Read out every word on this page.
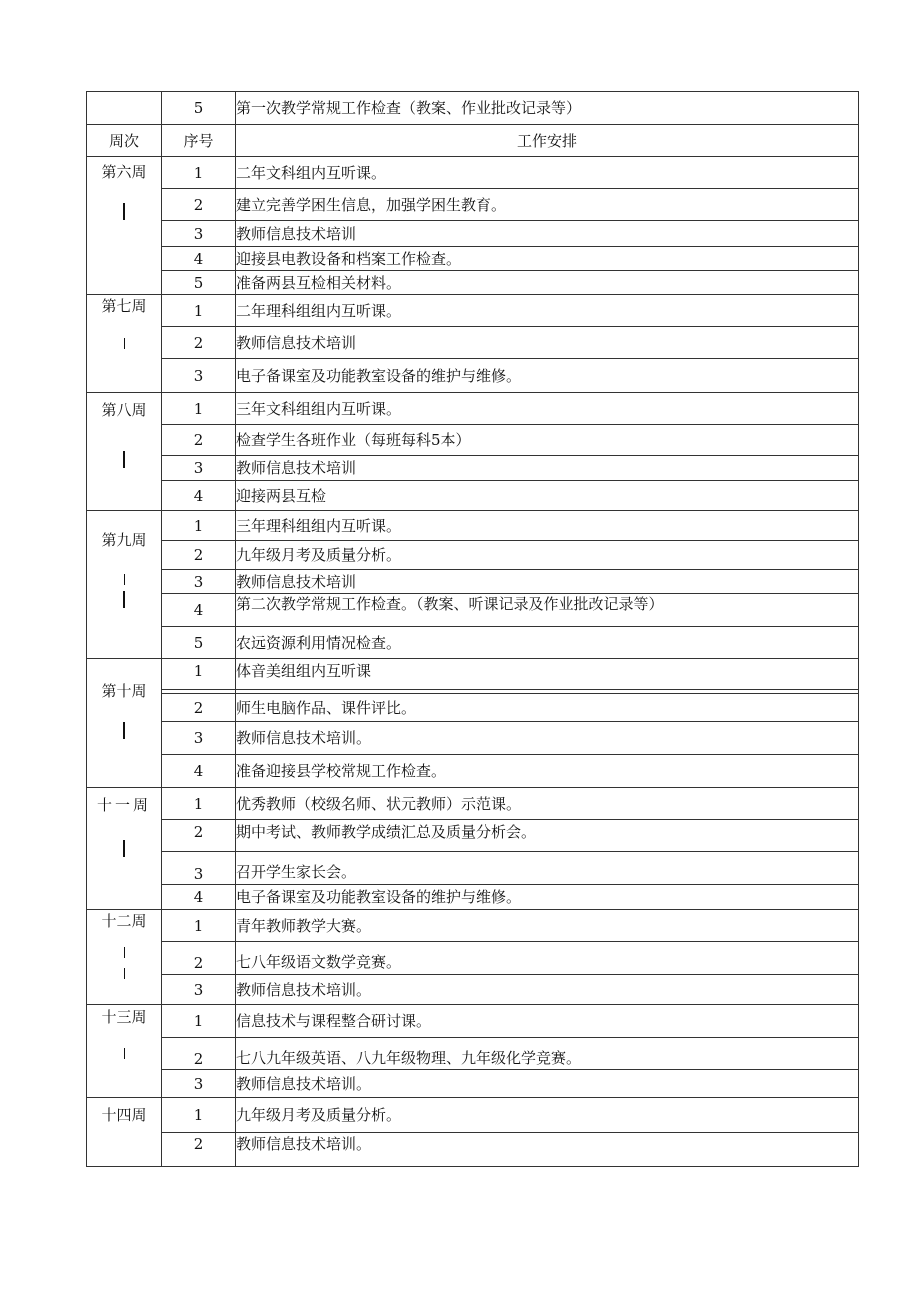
	5	第一次教学常规工作检查（教案、作业批改记录等）
周次	序号	工作安排

第六周	1	二年文科组内互听课。
	2	建立完善学困生信息，加强学困生教育。
	3	教师信息技术培训
	4	迎接县电教设备和档案工作检查。
	5	准备两县互检相关材料。

第七周	1	二年理科组组内互听课。
	2	教师信息技术培训
	3	电子备课室及功能教室设备的维护与维修。

第八周	1	三年文科组组内互听课。
	2	检查学生各班作业（每班每科5本）
	3	教师信息技术培训
	4	迎接两县互检

第九周	1	三年理科组组内互听课。
	2	九年级月考及质量分析。
	3	教师信息技术培训
	4	第二次教学常规工作检查。（教案、听课记录及作业批改记录等）
	5	农远资源利用情况检查。

第十周	1	体音美组组内互听课

	2	师生电脑作品、课件评比。
	3	教师信息技术培训。
	4	准备迎接县学校常规工作检查。

十一周	1	优秀教师（校级名师、状元教师）示范课。
	2	期中考试、教师教学成绩汇总及质量分析会。
	3	召开学生家长会。
	4	电子备课室及功能教室设备的维护与维修。

十二周	1	青年教师教学大赛。
	2	七八年级语文数学竞赛。
	3	教师信息技术培训。

十三周	1	信息技术与课程整合研讨课。
	2	七八九年级英语、八九年级物理、九年级化学竞赛。
	3	教师信息技术培训。

十四周	1	九年级月考及质量分析。
	2	教师信息技术培训。
